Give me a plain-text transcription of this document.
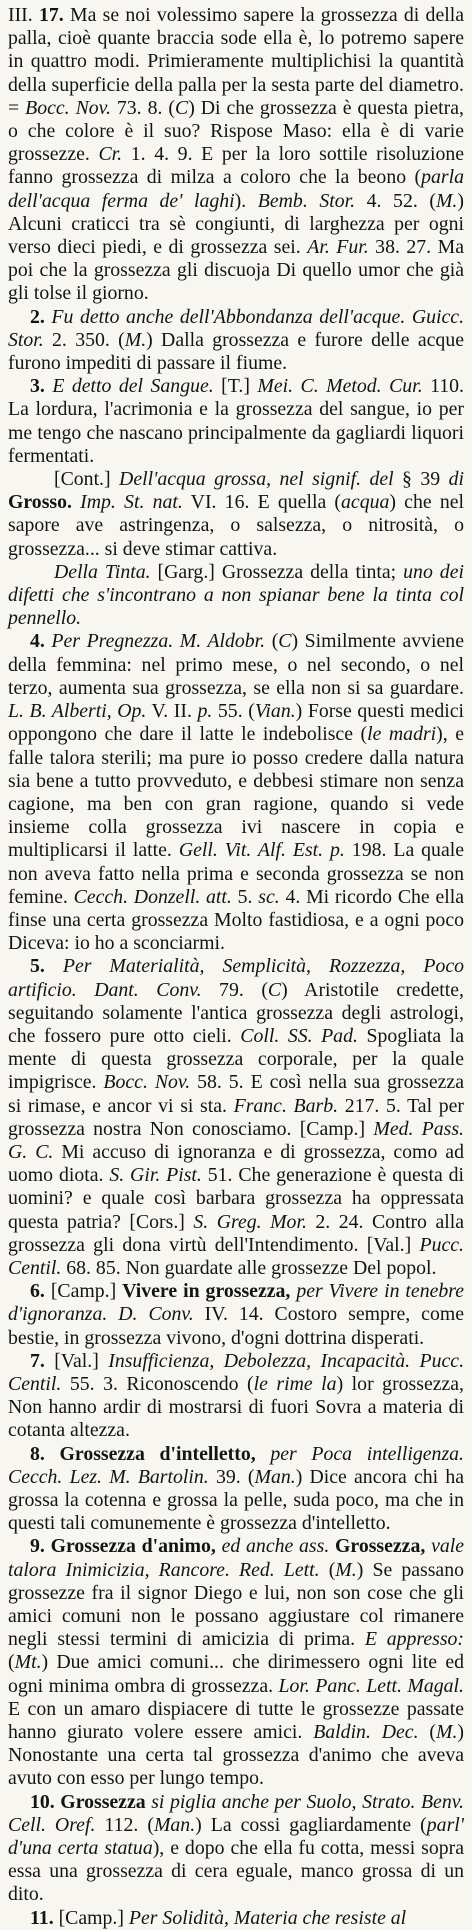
III. 17. Ma se noi volessimo sapere la grossezza di della palla, cioè quante braccia sode ella è, lo potremo sapere in quattro modi. Primieramente multiplichisi la quantità della superficie della palla per la sesta parte del diametro. = Bocc. Nov. 73. 8. (C) Di che grossezza è questa pietra, o che colore è il suo? Rispose Maso: ella è di varie grossezze. Cr. 1. 4. 9. E per la loro sottile risoluzione fanno grossezza di milza a coloro che la beono (parla dell'acqua ferma de' laghi). Bemb. Stor. 4. 52. (M.) Alcuni craticci tra sè congiunti, di larghezza per ogni verso dieci piedi, e di grossezza sei. Ar. Fur. 38. 27. Ma poi che la grossezza gli discuoja Di quello umor che già gli tolse il giorno.

2. Fu detto anche dell'Abbondanza dell'acque. Guicc. Stor. 2. 350. (M.) Dalla grossezza e furore delle acque furono impediti di passare il fiume.

3. E detto del Sangue. [T.] Mei. C. Metod. Cur. 110. La lordura, l'acrimonia e la grossezza del sangue, io per me tengo che nascano principalmente da gagliardi liquori fermentati.

[Cont.] Dell'acqua grossa, nel signif. del § 39 di Grosso. Imp. St. nat. VI. 16. E quella (acqua) che nel sapore ave astringenza, o salsezza, o nitrosità, o grossezza... si deve stimar cattiva.

Della Tinta. [Garg.] Grossezza della tinta; uno dei difetti che s'incontrano a non spianar bene la tinta col pennello.

4. Per Pregnezza. M. Aldobr. (C) Similmente avviene della femmina: nel primo mese, o nel secondo, o nel terzo, aumenta sua grossezza, se ella non si sa guardare. L. B. Alberti, Op. V. II. p. 55. (Vian.) Forse questi medici oppongono che dare il latte le indebolisce (le madri), e falle talora sterili; ma pure io posso credere dalla natura sia bene a tutto provveduto, e debbesi stimare non senza cagione, ma ben con gran ragione, quando si vede insieme colla grossezza ivi nascere in copia e multiplicarsi il latte. Gell. Vit. Alf. Est. p. 198. La quale non aveva fatto nella prima e seconda grossezza se non femine. Cecch. Donzell. att. 5. sc. 4. Mi ricordo Che ella finse una certa grossezza Molto fastidiosa, e a ogni poco Diceva: io ho a sconciarmi.

5. Per Materialità, Semplicità, Rozzezza, Poco artificio. Dant. Conv. 79. (C) Aristotile credette, seguitando solamente l'antica grossezza degli astrologi, che fossero pure otto cieli. Coll. SS. Pad. Spogliata la mente di questa grossezza corporale, per la quale impigrisce. Bocc. Nov. 58. 5. E così nella sua grossezza si rimase, e ancor vi si sta. Franc. Barb. 217. 5. Tal per grossezza nostra Non conosciamo. [Camp.] Med. Pass. G. C. Mi accuso di ignoranza e di grossezza, como ad uomo diota. S. Gir. Pist. 51. Che generazione è questa di uomini? e quale così barbara grossezza ha oppressata questa patria? [Cors.] S. Greg. Mor. 2. 24. Contro alla grossezza gli dona virtù dell'Intendimento. [Val.] Pucc. Centil. 68. 85. Non guardate alle grossezze Del popol.

6. [Camp.] Vivere in grossezza, per Vivere in tenebre d'ignoranza. D. Conv. IV. 14. Costoro sempre, come bestie, in grossezza vivono, d'ogni dottrina disperati.

7. [Val.] Insufficienza, Debolezza, Incapacità. Pucc. Centil. 55. 3. Riconoscendo (le rime la) lor grossezza, Non hanno ardir di mostrarsi di fuori Sovra a materia di cotanta altezza.

8. Grossezza d'intelletto, per Poca intelligenza. Cecch. Lez. M. Bartolin. 39. (Man.) Dice ancora chi ha grossa la cotenna e grossa la pelle, suda poco, ma che in questi tali comunemente è grossezza d'intelletto.

9. Grossezza d'animo, ed anche ass. Grossezza, vale talora Inimicizia, Rancore. Red. Lett. (M.) Se passano grossezze fra il signor Diego e lui, non son cose che gli amici comuni non le possano aggiustare col rimanere negli stessi termini di amicizia di prima. E appresso: (Mt.) Due amici comuni... che dirimessero ogni lite ed ogni minima ombra di grossezza. Lor. Panc. Lett. Magal. E con un amaro dispiacere di tutte le grossezze passate hanno giurato volere essere amici. Baldin. Dec. (M.) Nonostante una certa tal grossezza d'animo che aveva avuto con esso per lungo tempo.

10. Grossezza si piglia anche per Suolo, Strato. Benv. Cell. Oref. 112. (Man.) La cossi gagliardamente (parl' d'una certa statua), e dopo che ella fu cotta, messi sopra essa una grossezza di cera eguale, manco grossa di un dito.

11. [Camp.] Per Solidità, Materia che resiste al
